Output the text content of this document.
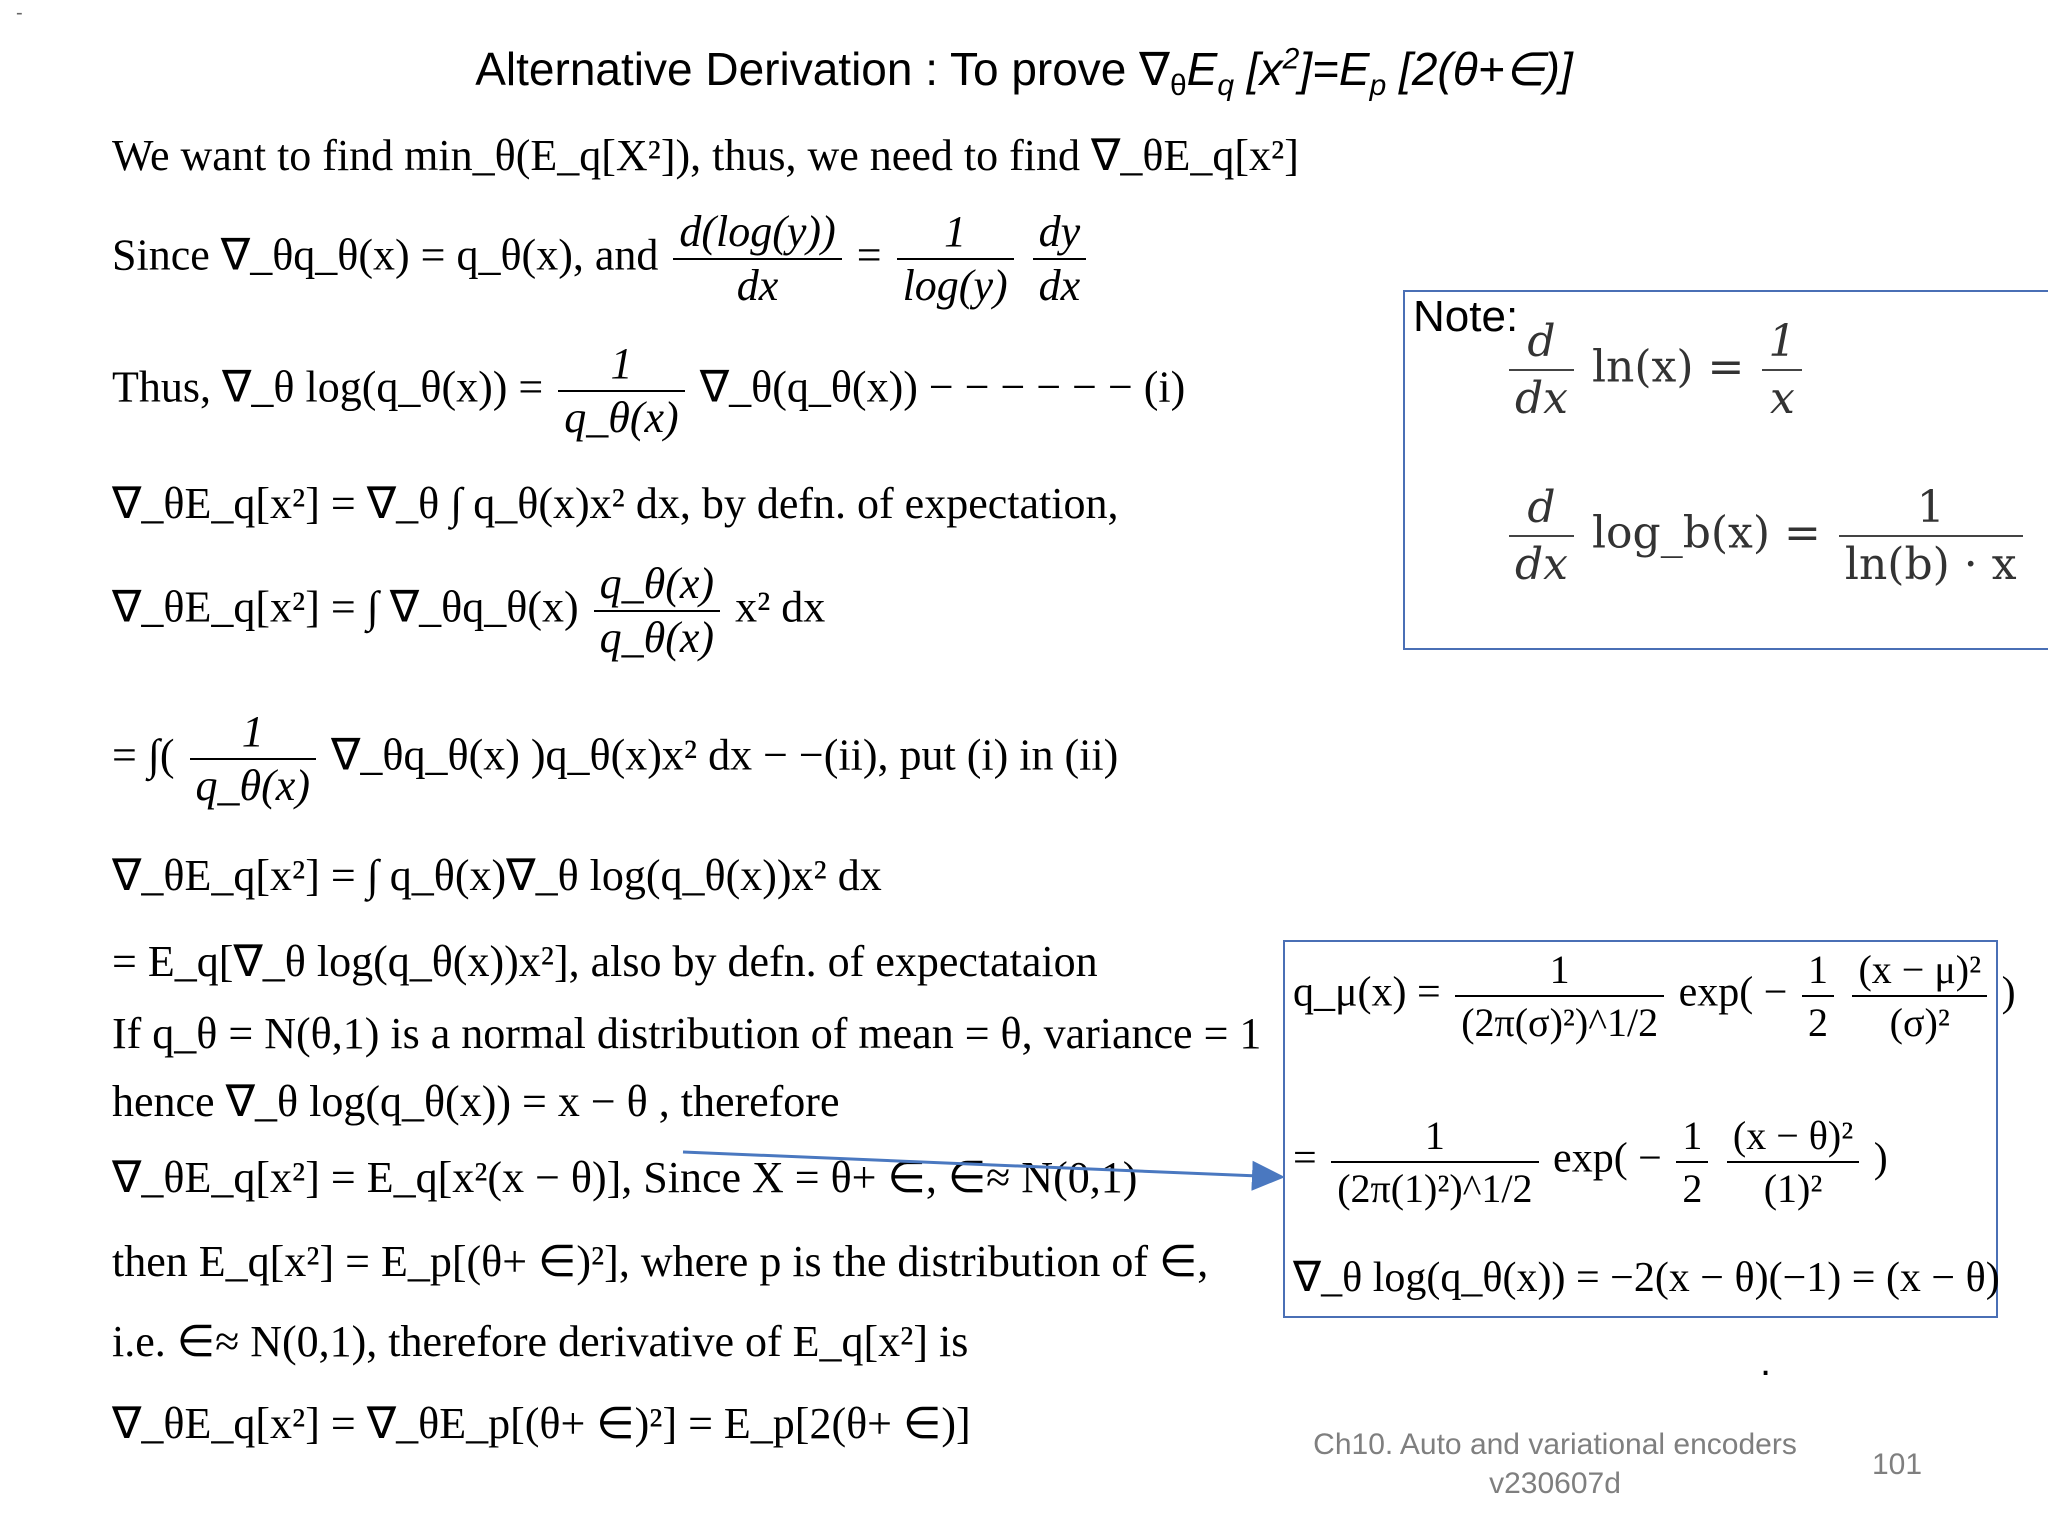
-
Alternative Derivation : To prove $\nabla_\theta E_q$ $[x^2]=E_p$ [2(θ+∈)]
We want to find min_θ(E_q[X²]), thus, we need to find ∇_θE_q[x²]
Since ∇_θq_θ(x) = q_θ(x), and $\frac{d(\log(y))}{dx} = \frac{1}{\log(y)}$
$\frac{dy}{dx}$
Thus, ∇_θ log(q_θ(x)) = $\frac{1}{q\_\theta(x)}$ ∇_θ(q_θ(x)) − − − − − − (i)
∇_θE_q[x²] = ∇_θ ∫ q_θ(x)x² dx, by defn. of expectation,
∇_θE_q[x²] = ∫ ∇_θq_θ(x) $\frac{q\_\theta(x)}{q\_\theta(x)} x^2$ dx
= ∫( $\frac{1}{q\_\theta(x)}$ ∇_θq_θ(x) )q_θ(x)x² dx − −(ii), put (i) in (ii)
∇_θE_q[x²] = ∫ q_θ(x)∇_θ log(q_θ(x))x² dx
= E_q[∇_θ log(q_θ(x))x²], also by defn. of expectataion
If q_θ = N(θ,1) is a normal distribution of mean = θ, variance = 1
hence ∇_θ log(q_θ(x)) = x − θ , therefore
∇_θE_q[x²] = E_q[x²(x − θ)], Since X = θ+ ∈, ∈≈ N(0,1)
then E_q[x²] = E_p[(θ+ ∈)²], where p is the distribution of ∈,
i.e. ∈≈ N(0,1), therefore derivative of E_q[x²] is
∇_θE_q[x²] = ∇_θE_p[(θ+ ∈)²] = E_p[2(θ+ ∈)]
Note:
$\frac{d}{dx} \ln(x) = \frac{1}{x}$
$\frac{d}{dx}$ log_b(x) = $\frac{1}{\ln(b) \cdot x}$
q_μ(x) = $\frac{1}{\text{(2π(σ)²)\textasciicircum{}1/2}} \exp( - \frac{1}{2}$
$\frac{\text{(x − μ)²}}{\text{(σ)²}}$ )
= $\frac{1}{\text{(2π(1)²)\textasciicircum{}1/2}} \exp( - \frac{1}{2}$
$\frac{\text{(x − θ)²}}{\text{(1)²}}$ )
∇_θ log(q_θ(x)) = −2(x − θ)(−1) = (x − θ)
.
Ch10. Auto and variational encoders
v230607d
101
